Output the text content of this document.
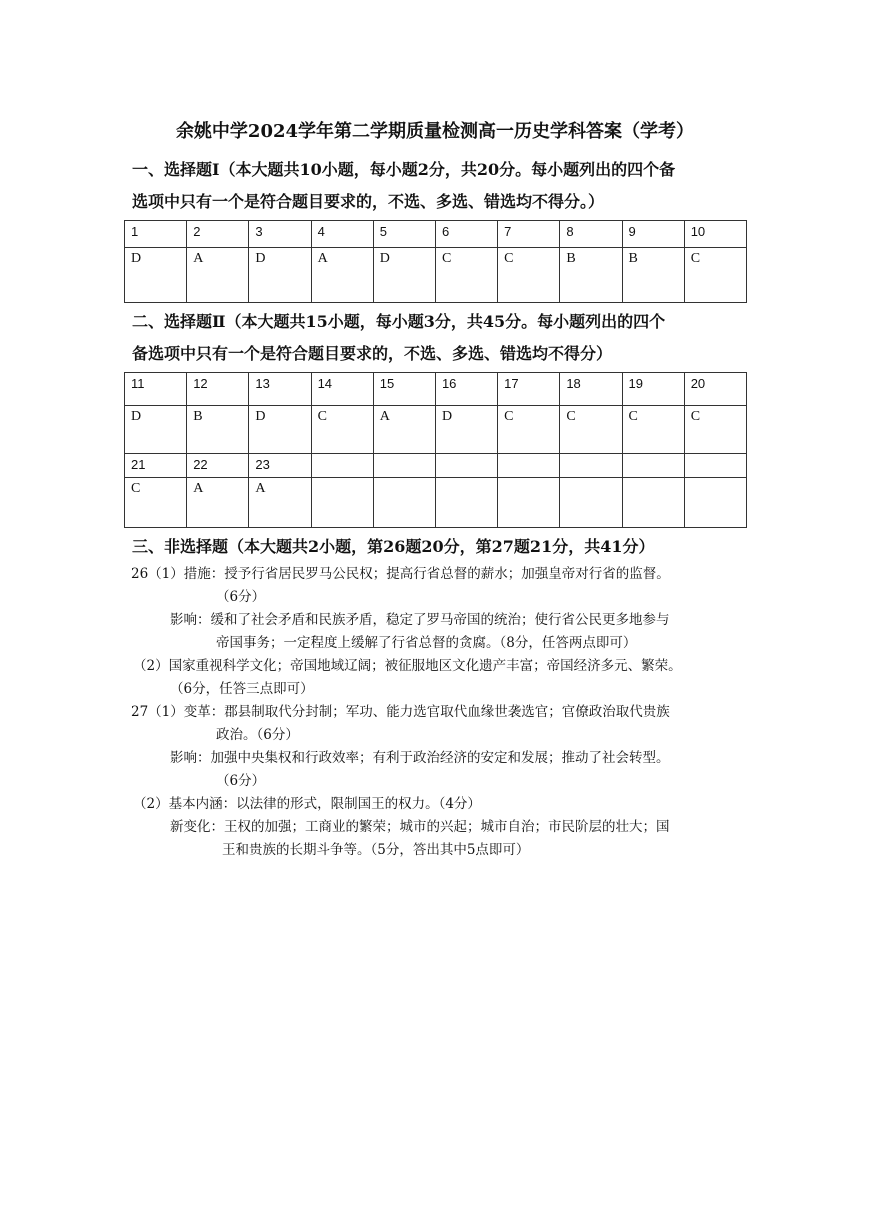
余姚中学2024学年第二学期质量检测高一历史学科答案（学考）
一、选择题Ⅰ（本大题共10小题，每小题2分，共20分。每小题列出的四个备
选项中只有一个是符合题目要求的，不选、多选、错选均不得分。）
1	2	3	4	5	6	7	8	9	10
D	A	D	A	D	C	C	B	B	C
二、选择题Ⅱ（本大题共15小题，每小题3分，共45分。每小题列出的四个
备选项中只有一个是符合题目要求的，不选、多选、错选均不得分）
11	12	13	14	15	16	17	18	19	20
D	B	D	C	A	D	C	C	C	C
21	22	23							
C	A	A							
三、非选择题（本大题共2小题，第26题20分，第27题21分，共41分）
26（1）措施：授予行省居民罗马公民权；提高行省总督的薪水；加强皇帝对行省的监督。
（6分）
影响：缓和了社会矛盾和民族矛盾，稳定了罗马帝国的统治；使行省公民更多地参与
帝国事务；一定程度上缓解了行省总督的贪腐。（8分，任答两点即可）
（2）国家重视科学文化；帝国地域辽阔；被征服地区文化遗产丰富；帝国经济多元、繁荣。
（6分，任答三点即可）
27（1）变革：郡县制取代分封制；军功、能力选官取代血缘世袭选官；官僚政治取代贵族
政治。（6分）
影响：加强中央集权和行政效率；有利于政治经济的安定和发展；推动了社会转型。
（6分）
（2）基本内涵：以法律的形式，限制国王的权力。（4分）
新变化：王权的加强；工商业的繁荣；城市的兴起；城市自治；市民阶层的壮大；国
王和贵族的长期斗争等。（5分，答出其中5点即可）
